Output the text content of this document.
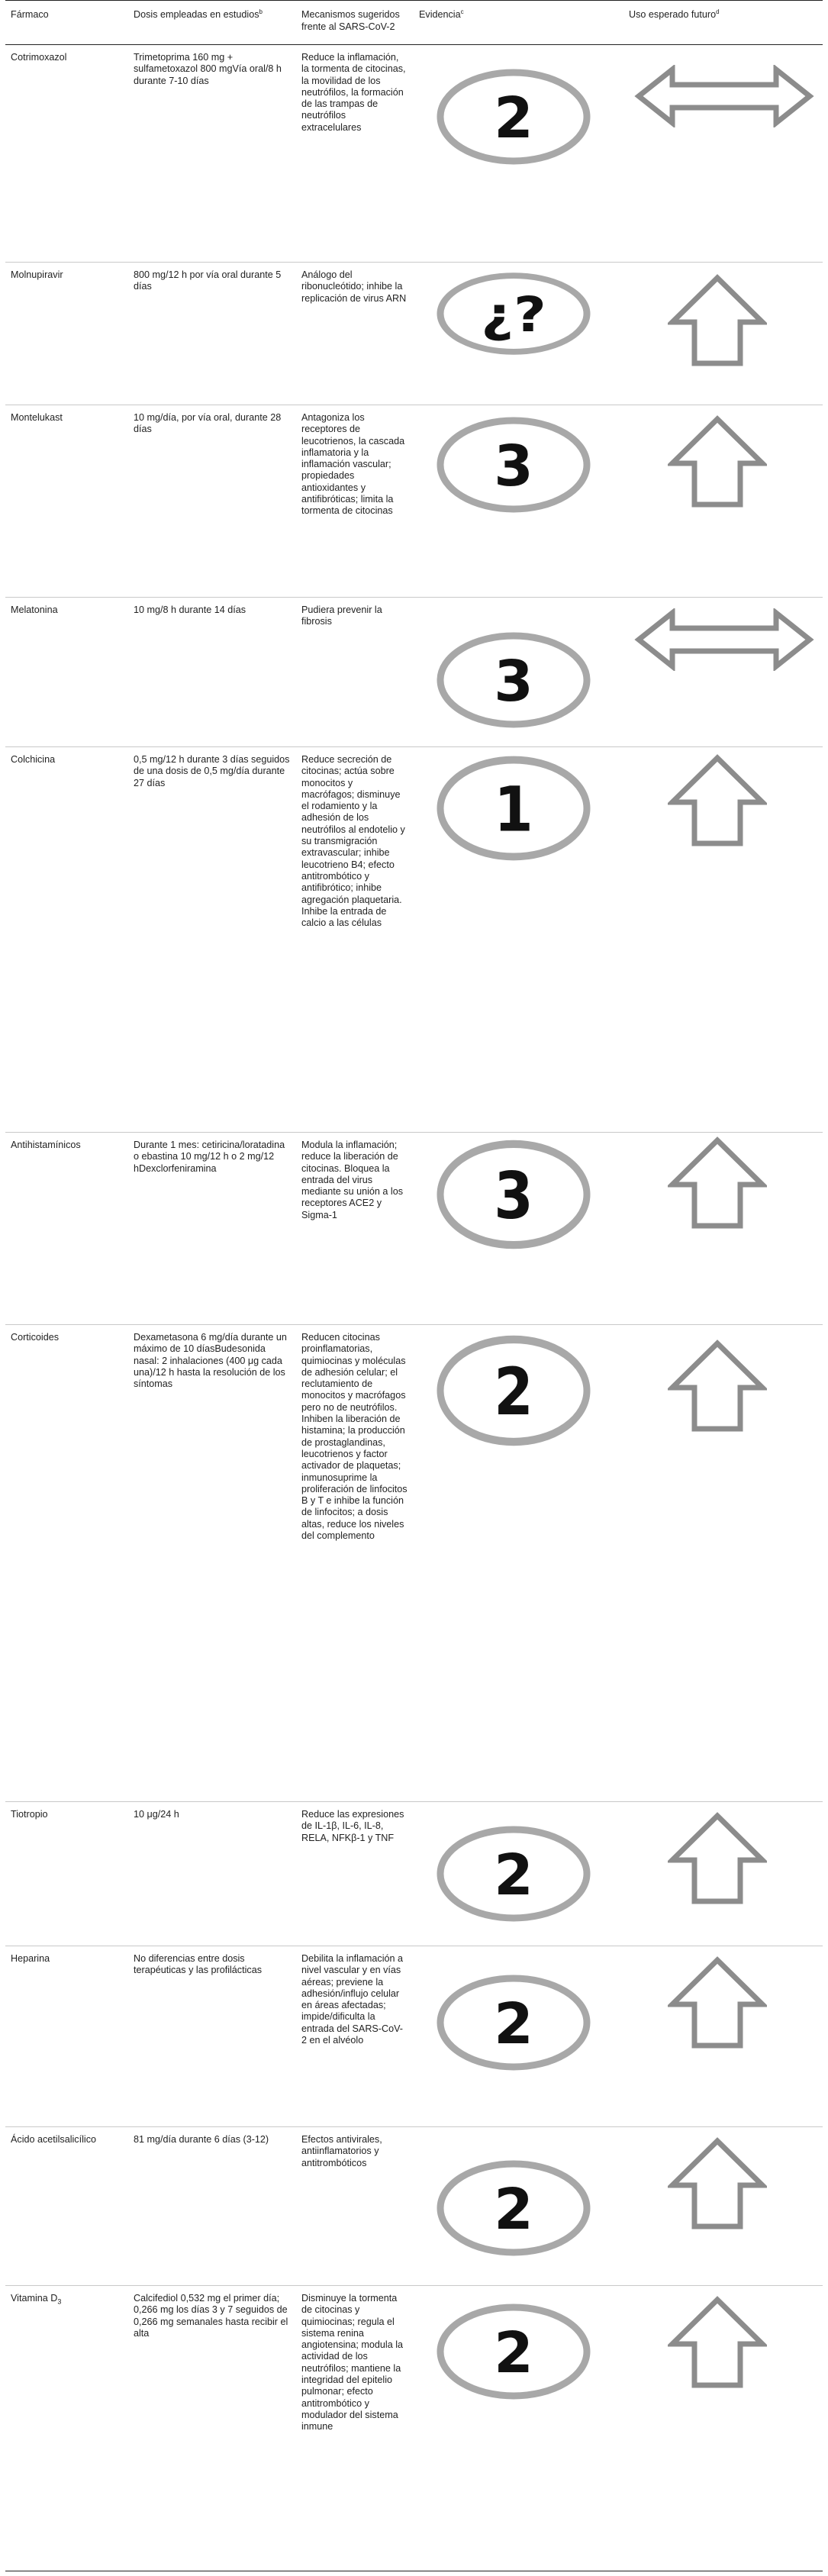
Fármaco	Dosis empleadas en estudios$^b$	Mecanismos sugeridos frente al SARS-CoV-2	Evidencia$^c$	Uso esperado futuro$^d$
Cotrimoxazol	Trimetoprima 160 mg + sulfametoxazol 800 mgVía oral/8 h durante 7-10 días	Reduce la inflamación, la tormenta de citocinas, la movilidad de los neutrófilos, la formación de las trampas de neutrófilos extracelulares	2

Molnupiravir	800 mg/12 h por vía oral durante 5 días	Análogo del ribonucleótido; inhibe la replicación de virus ARN	¿?

Montelukast	10 mg/día, por vía oral, durante 28 días	Antagoniza los receptores de leucotrienos, la cascada inflamatoria y la inflamación vascular; propiedades antioxidantes y antifibróticas; limita la tormenta de citocinas	3

Melatonina	10 mg/8 h durante 14 días	Pudiera prevenir la fibrosis	3

Colchicina	0,5 mg/12 h durante 3 días seguidos de una dosis de 0,5 mg/día durante 27 días	Reduce secreción de citocinas; actúa sobre monocitos y macrófagos; disminuye el rodamiento y la adhesión de los neutrófilos al endotelio y su transmigración extravascular; inhibe leucotrieno B4; efecto antitrombótico y antifibrótico; inhibe agregación plaquetaria. Inhibe la entrada de calcio a las células	1

Antihistamínicos	Durante 1 mes: cetiricina/loratadina o ebastina 10 mg/12 h o 2 mg/12 hDexclorfeniramina	Modula la inflamación; reduce la liberación de citocinas. Bloquea la entrada del virus mediante su unión a los receptores ACE2 y Sigma-1	3

Corticoides	Dexametasona 6 mg/día durante un máximo de 10 díasBudesonida nasal: 2 inhalaciones (400 μg cada una)/12 h hasta la resolución de los síntomas	Reducen citocinas proinflamatorias, quimiocinas y moléculas de adhesión celular; el reclutamiento de monocitos y macrófagos pero no de neutrófilos. Inhiben la liberación de histamina; la producción de prostaglandinas, leucotrienos y factor activador de plaquetas; inmunosuprime la proliferación de linfocitos B y T e inhibe la función de linfocitos; a dosis altas, reduce los niveles del complemento	2

Tiotropio	10 μg/24 h	Reduce las expresiones de IL-1β, IL-6, IL-8, RELA, NFKβ-1 y TNF	2

Heparina	No diferencias entre dosis terapéuticas y las profilácticas	Debilita la inflamación a nivel vascular y en vías aéreas; previene la adhesión/influjo celular en áreas afectadas; impide/dificulta la entrada del SARS-CoV-2 en el alvéolo	2

Ácido acetilsalicílico	81 mg/día durante 6 días (3-12)	Efectos antivirales, antiinflamatorios y antitrombóticos	2

Vitamina $D_3$	Calcifediol 0,532 mg el primer día; 0,266 mg los días 3 y 7 seguidos de 0,266 mg semanales hasta recibir el alta	Disminuye la tormenta de citocinas y quimiocinas; regula el sistema renina angiotensina; modula la actividad de los neutrófilos; mantiene la integridad del epitelio pulmonar; efecto antitrombótico y modulador del sistema inmune	2
